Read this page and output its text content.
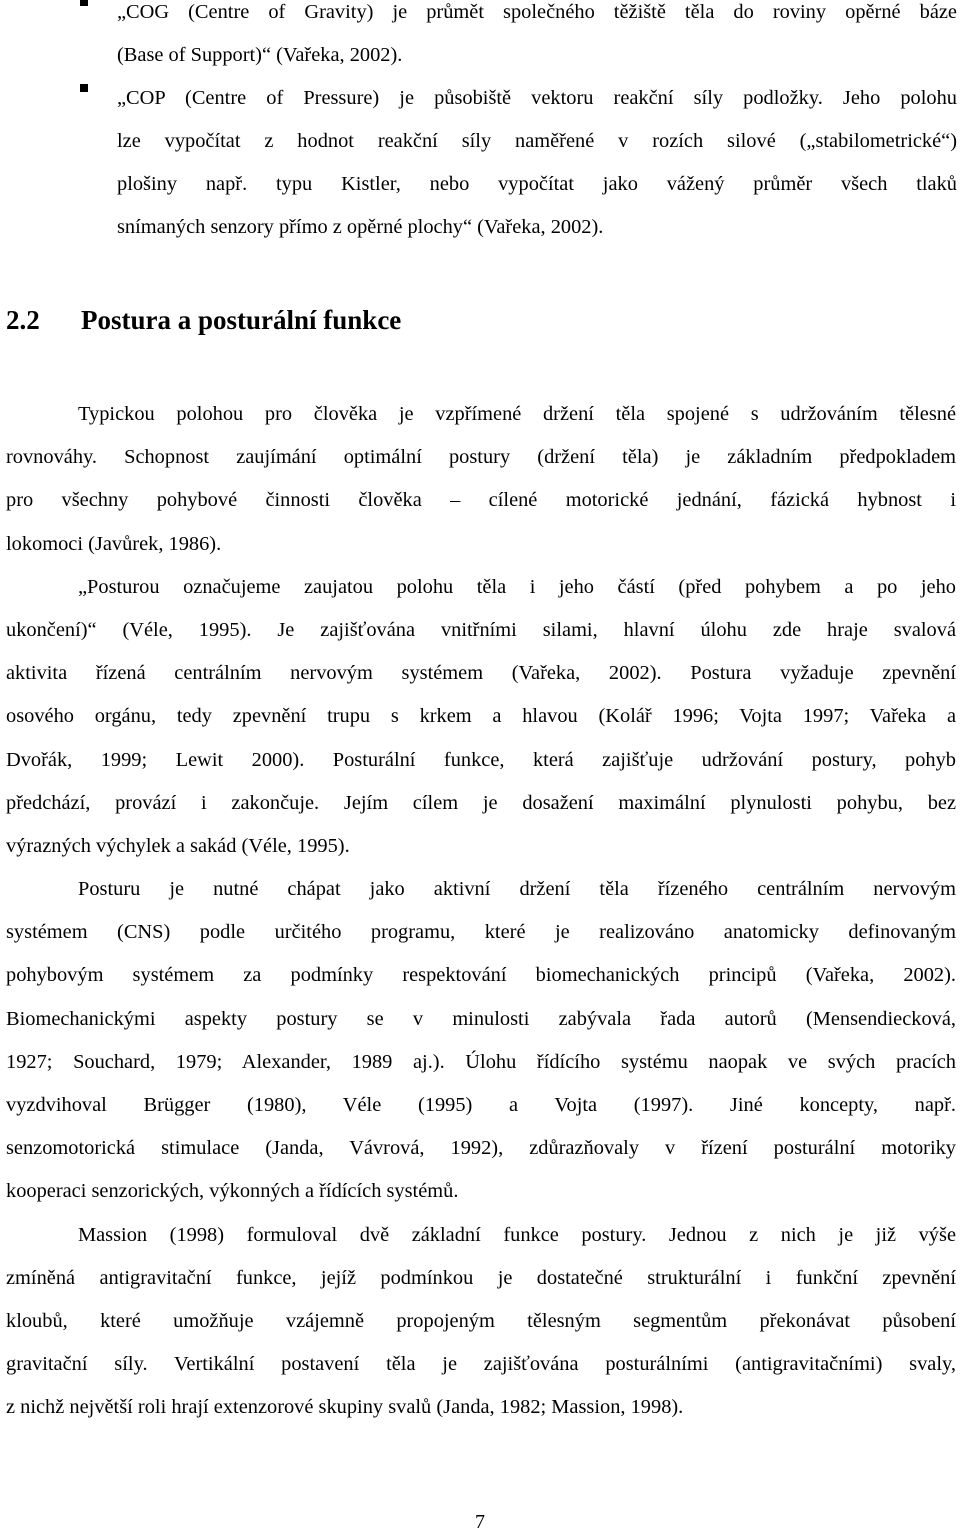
„COG (Centre of Gravity) je průmět společného těžiště těla do roviny opěrné báze
(Base of Support)“ (Vařeka, 2002).
„COP (Centre of Pressure) je působiště vektoru reakční síly podložky. Jeho polohu
lze vypočítat z hodnot reakční síly naměřené v rozích silové („stabilometrické“)
plošiny např. typu Kistler, nebo vypočítat jako vážený průměr všech tlaků
snímaných senzory přímo z opěrné plochy“ (Vařeka, 2002).
2.2 Postura a posturální funkce
Typickou polohou pro člověka je vzpřímené držení těla spojené s udržováním tělesné
rovnováhy. Schopnost zaujímání optimální postury (držení těla) je základním předpokladem
pro všechny pohybové činnosti člověka – cílené motorické jednání, fázická hybnost i
lokomoci (Javůrek, 1986).
„Posturou označujeme zaujatou polohu těla i jeho částí (před pohybem a po jeho
ukončení)“ (Véle, 1995). Je zajišťována vnitřními silami, hlavní úlohu zde hraje svalová
aktivita řízená centrálním nervovým systémem (Vařeka, 2002). Postura vyžaduje zpevnění
osového orgánu, tedy zpevnění trupu s krkem a hlavou (Kolář 1996; Vojta 1997; Vařeka a
Dvořák, 1999; Lewit 2000). Posturální funkce, která zajišťuje udržování postury, pohyb
předchází, provází i zakončuje. Jejím cílem je dosažení maximální plynulosti pohybu, bez
výrazných výchylek a sakád (Véle, 1995).
Posturu je nutné chápat jako aktivní držení těla řízeného centrálním nervovým
systémem (CNS) podle určitého programu, které je realizováno anatomicky definovaným
pohybovým systémem za podmínky respektování biomechanických principů (Vařeka, 2002).
Biomechanickými aspekty postury se v minulosti zabývala řada autorů (Mensendiecková,
1927; Souchard, 1979; Alexander, 1989 aj.). Úlohu řídícího systému naopak ve svých pracích
vyzdvihoval Brügger (1980), Véle (1995) a Vojta (1997). Jiné koncepty, např.
senzomotorická stimulace (Janda, Vávrová, 1992), zdůrazňovaly v řízení posturální motoriky
kooperaci senzorických, výkonných a řídících systémů.
Massion (1998) formuloval dvě základní funkce postury. Jednou z nich je již výše
zmíněná antigravitační funkce, jejíž podmínkou je dostatečné strukturální i funkční zpevnění
kloubů, které umožňuje vzájemně propojeným tělesným segmentům překonávat působení
gravitační síly. Vertikální postavení těla je zajišťována posturálními (antigravitačními) svaly,
z nichž největší roli hrají extenzorové skupiny svalů (Janda, 1982; Massion, 1998).
7
